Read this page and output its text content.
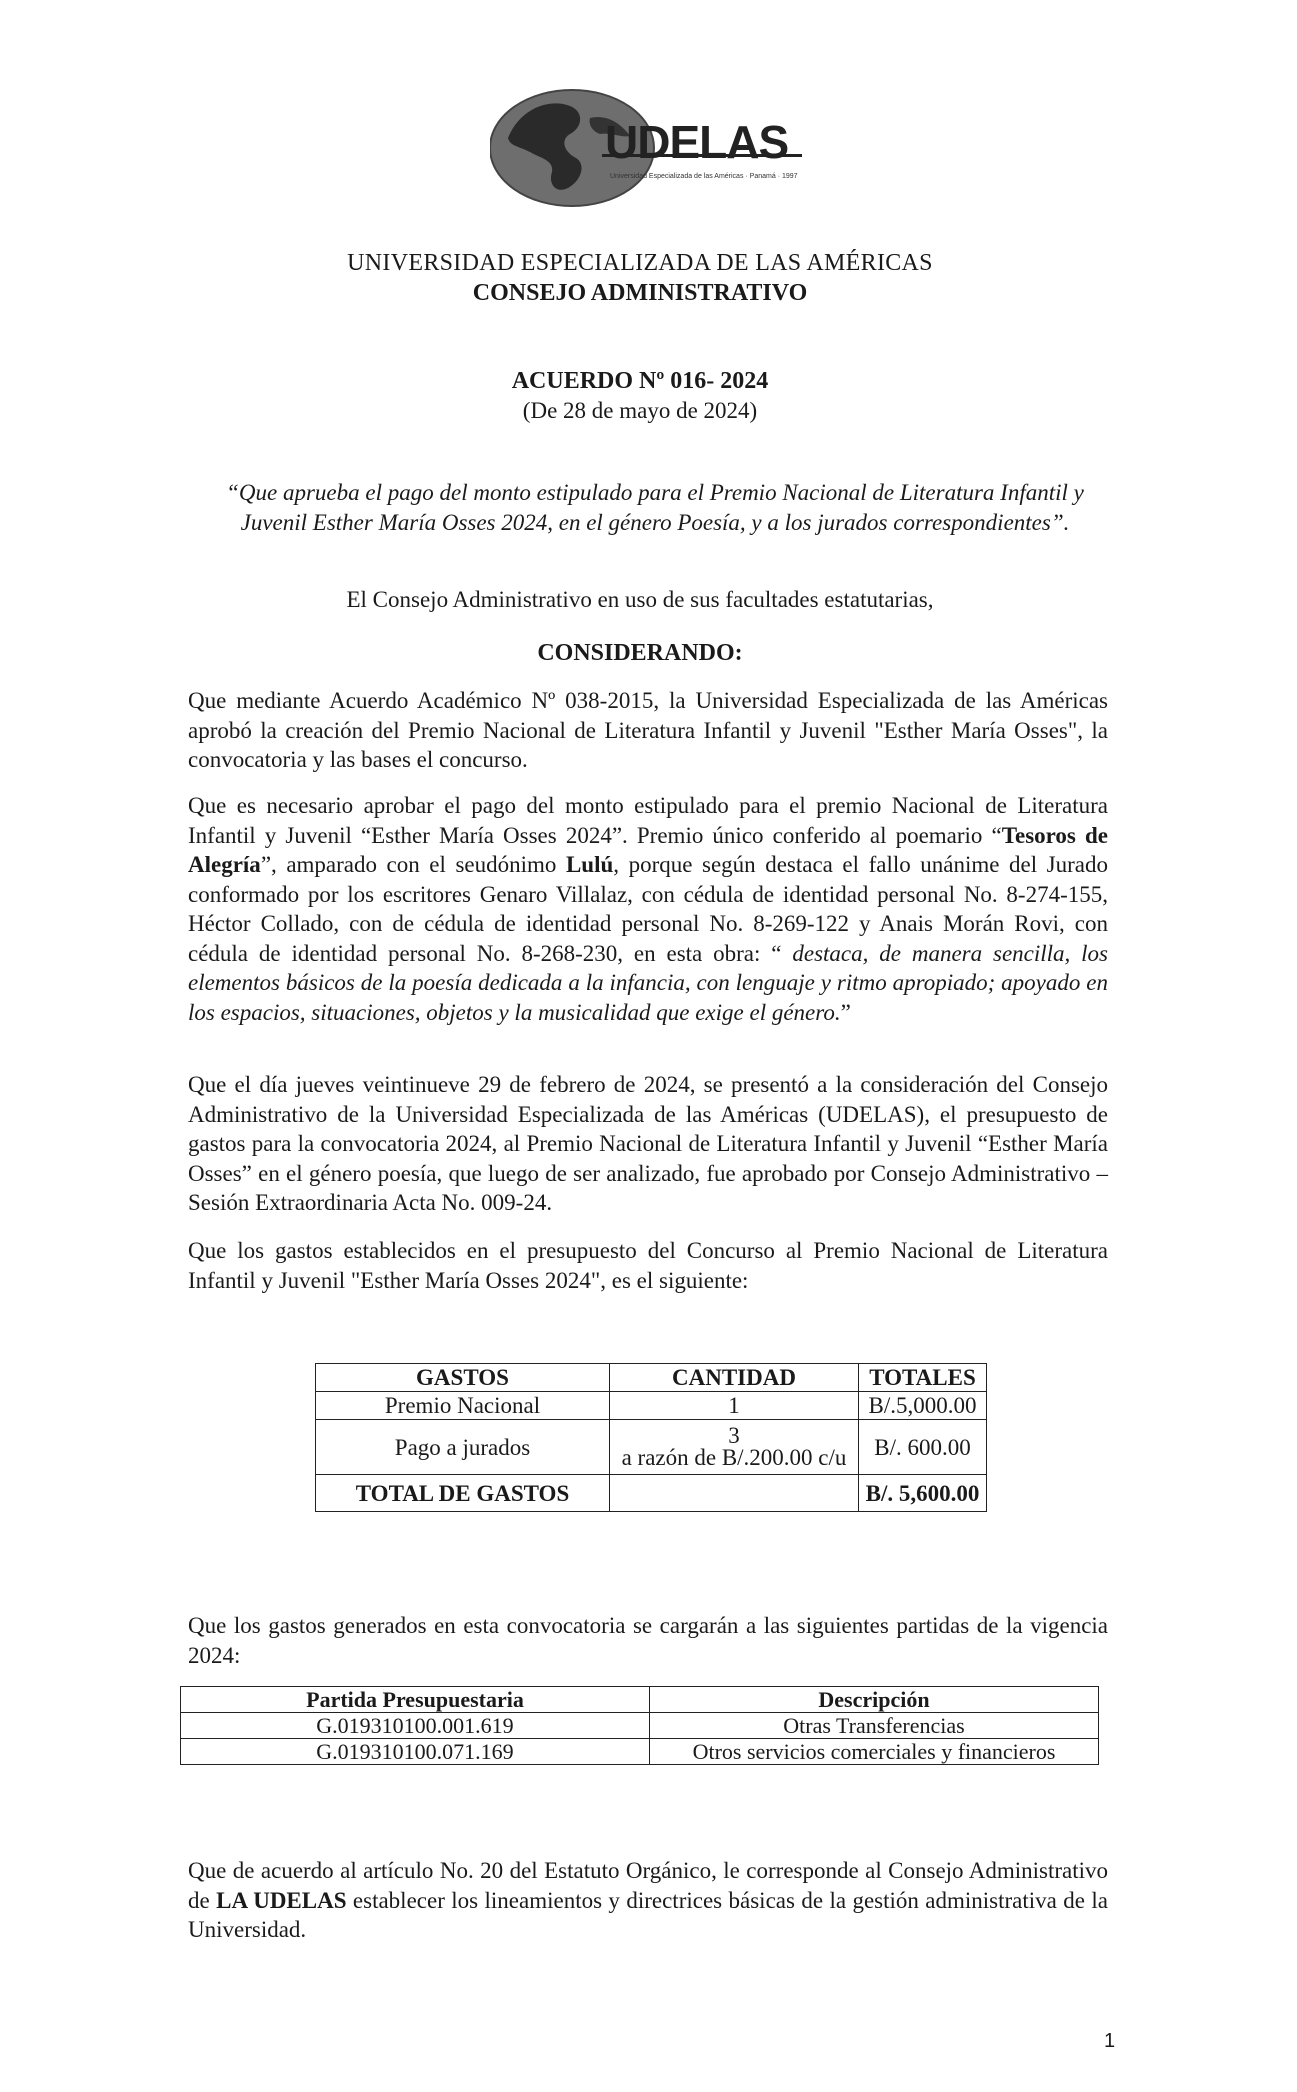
UDELAS
Universidad Especializada de las Américas · Panamá · 1997
UNIVERSIDAD ESPECIALIZADA DE LAS AMÉRICAS
CONSEJO ADMINISTRATIVO
ACUERDO Nº 016- 2024
(De 28 de mayo de 2024)
“Que aprueba el pago del monto estipulado para el Premio Nacional de Literatura Infantil y Juvenil Esther María Osses 2024, en el género Poesía, y a los jurados correspondientes”.
El Consejo Administrativo en uso de sus facultades estatutarias,
CONSIDERANDO:
Que mediante Acuerdo Académico Nº 038-2015, la Universidad Especializada de las Américas aprobó la creación del Premio Nacional de Literatura Infantil y Juvenil "Esther María Osses", la convocatoria y las bases el concurso.
Que es necesario aprobar el pago del monto estipulado para el premio Nacional de Literatura Infantil y Juvenil “Esther María Osses 2024”. Premio único conferido al poemario “Tesoros de Alegría”, amparado con el seudónimo Lulú, porque según destaca el fallo unánime del Jurado conformado por los escritores Genaro Villalaz, con cédula de identidad personal No. 8-274-155, Héctor Collado, con de cédula de identidad personal No. 8-269-122 y Anais Morán Rovi, con cédula de identidad personal No. 8-268-230, en esta obra: “ destaca, de manera sencilla, los elementos básicos de la poesía dedicada a la infancia, con lenguaje y ritmo apropiado; apoyado en los espacios, situaciones, objetos y la musicalidad que exige el género.”
Que el día jueves veintinueve 29 de febrero de 2024, se presentó a la consideración del Consejo Administrativo de la Universidad Especializada de las Américas (UDELAS), el presupuesto de gastos para la convocatoria 2024, al Premio Nacional de Literatura Infantil y Juvenil “Esther María Osses” en el género poesía, que luego de ser analizado, fue aprobado por Consejo Administrativo – Sesión Extraordinaria Acta No. 009-24.
Que los gastos establecidos en el presupuesto del Concurso al Premio Nacional de Literatura Infantil y Juvenil "Esther María Osses 2024", es el siguiente:
GASTOS	CANTIDAD	TOTALES
Premio Nacional	1	B/.5,000.00
Pago a jurados	3
a razón de B/.200.00 c/u	B/. 600.00
TOTAL DE GASTOS		B/. 5,600.00
Que los gastos generados en esta convocatoria se cargarán a las siguientes partidas de la vigencia 2024:
Partida Presupuestaria	Descripción
G.019310100.001.619	Otras Transferencias
G.019310100.071.169	Otros servicios comerciales y financieros
Que de acuerdo al artículo No. 20 del Estatuto Orgánico, le corresponde al Consejo Administrativo de LA UDELAS establecer los lineamientos y directrices básicas de la gestión administrativa de la Universidad.
1
